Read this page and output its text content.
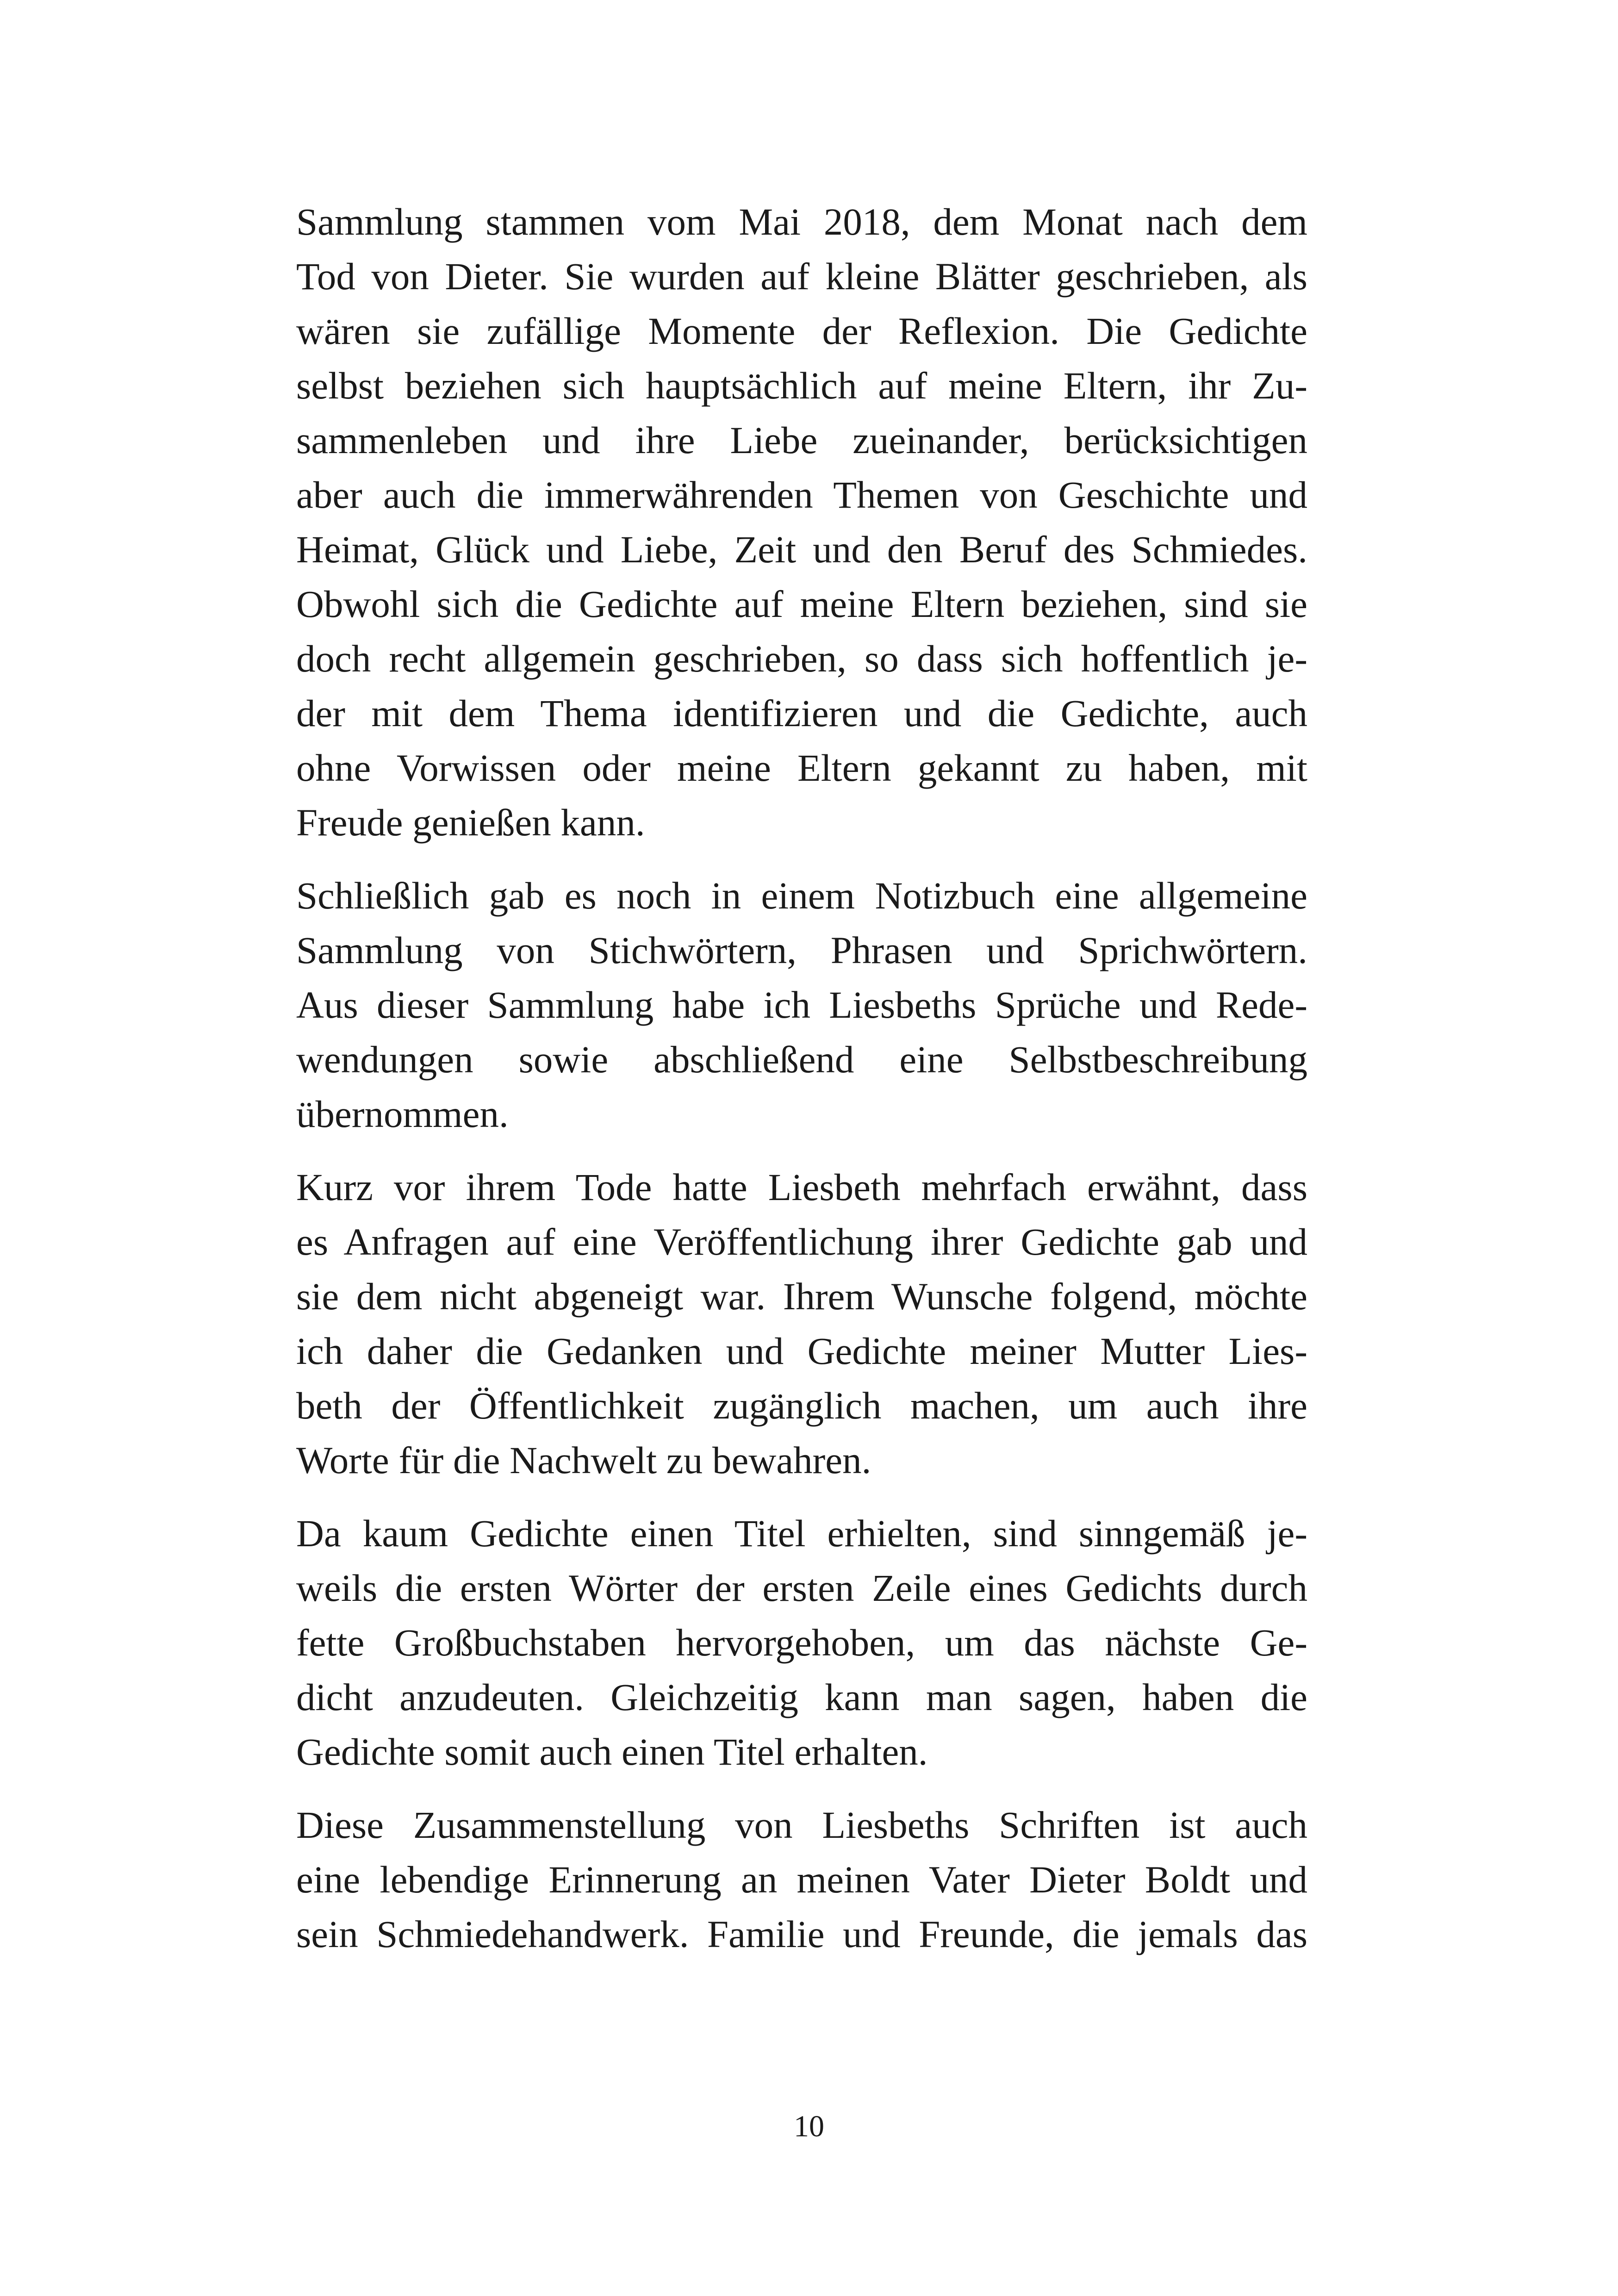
Sammlung stammen vom Mai 2018, dem Monat nach dem
Tod von Dieter. Sie wurden auf kleine Blätter geschrieben, als
wären sie zufällige Momente der Reflexion. Die Gedichte
selbst beziehen sich hauptsächlich auf meine Eltern, ihr Zu-
sammenleben und ihre Liebe zueinander, berücksichtigen
aber auch die immerwährenden Themen von Geschichte und
Heimat, Glück und Liebe, Zeit und den Beruf des Schmiedes.
Obwohl sich die Gedichte auf meine Eltern beziehen, sind sie
doch recht allgemein geschrieben, so dass sich hoffentlich je-
der mit dem Thema identifizieren und die Gedichte, auch
ohne Vorwissen oder meine Eltern gekannt zu haben, mit
Freude genießen kann.

Schließlich gab es noch in einem Notizbuch eine allgemeine
Sammlung von Stichwörtern, Phrasen und Sprichwörtern.
Aus dieser Sammlung habe ich Liesbeths Sprüche und Rede-
wendungen sowie abschließend eine Selbstbeschreibung
übernommen.

Kurz vor ihrem Tode hatte Liesbeth mehrfach erwähnt, dass
es Anfragen auf eine Veröffentlichung ihrer Gedichte gab und
sie dem nicht abgeneigt war. Ihrem Wunsche folgend, möchte
ich daher die Gedanken und Gedichte meiner Mutter Lies-
beth der Öffentlichkeit zugänglich machen, um auch ihre
Worte für die Nachwelt zu bewahren.

Da kaum Gedichte einen Titel erhielten, sind sinngemäß je-
weils die ersten Wörter der ersten Zeile eines Gedichts durch
fette Großbuchstaben hervorgehoben, um das nächste Ge-
dicht anzudeuten. Gleichzeitig kann man sagen, haben die
Gedichte somit auch einen Titel erhalten.

Diese Zusammenstellung von Liesbeths Schriften ist auch
eine lebendige Erinnerung an meinen Vater Dieter Boldt und
sein Schmiedehandwerk. Familie und Freunde, die jemals das

10
